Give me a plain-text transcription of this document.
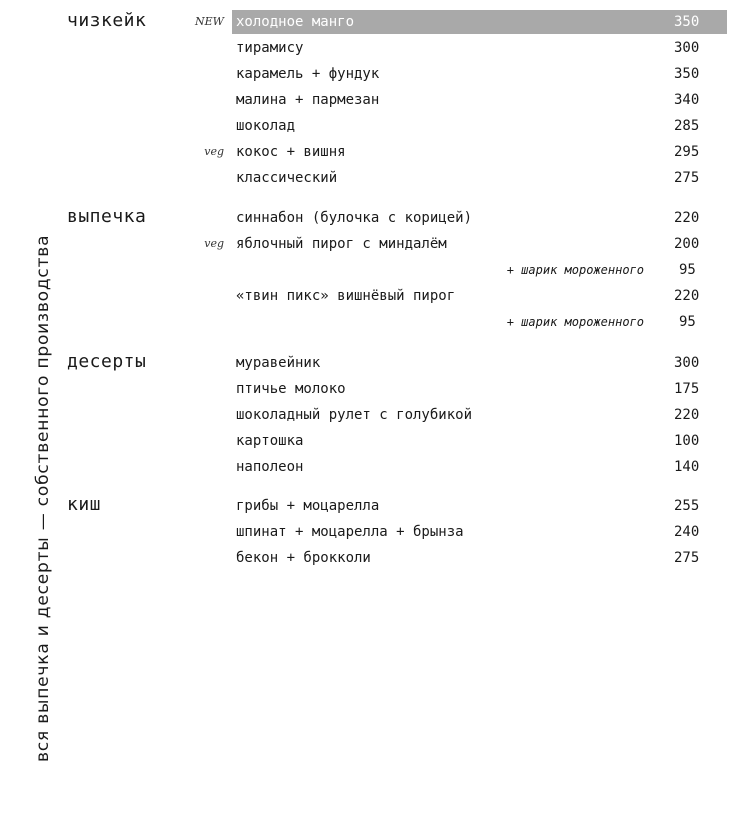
вся выпечка и десерты — собственного производства
чизкейк	NEW холодное манго	350
тирамису	300
карамель + фундук	350
малина + пармезан	340
шоколад	285
veg кокос + вишня	295
классический	275
выпечка	синнабон (булочка с корицей)	220
veg яблочный пирог с миндалём	200
+ шарик мороженного	95
«твин пикс» вишнёвый пирог	220
+ шарик мороженного	95
десерты	муравейник	300
птичье молоко	175
шоколадный рулет с голубикой	220
картошка	100
наполеон	140
киш	грибы + моцарелла	255
шпинат + моцарелла + брынза	240
бекон + брокколи	275
